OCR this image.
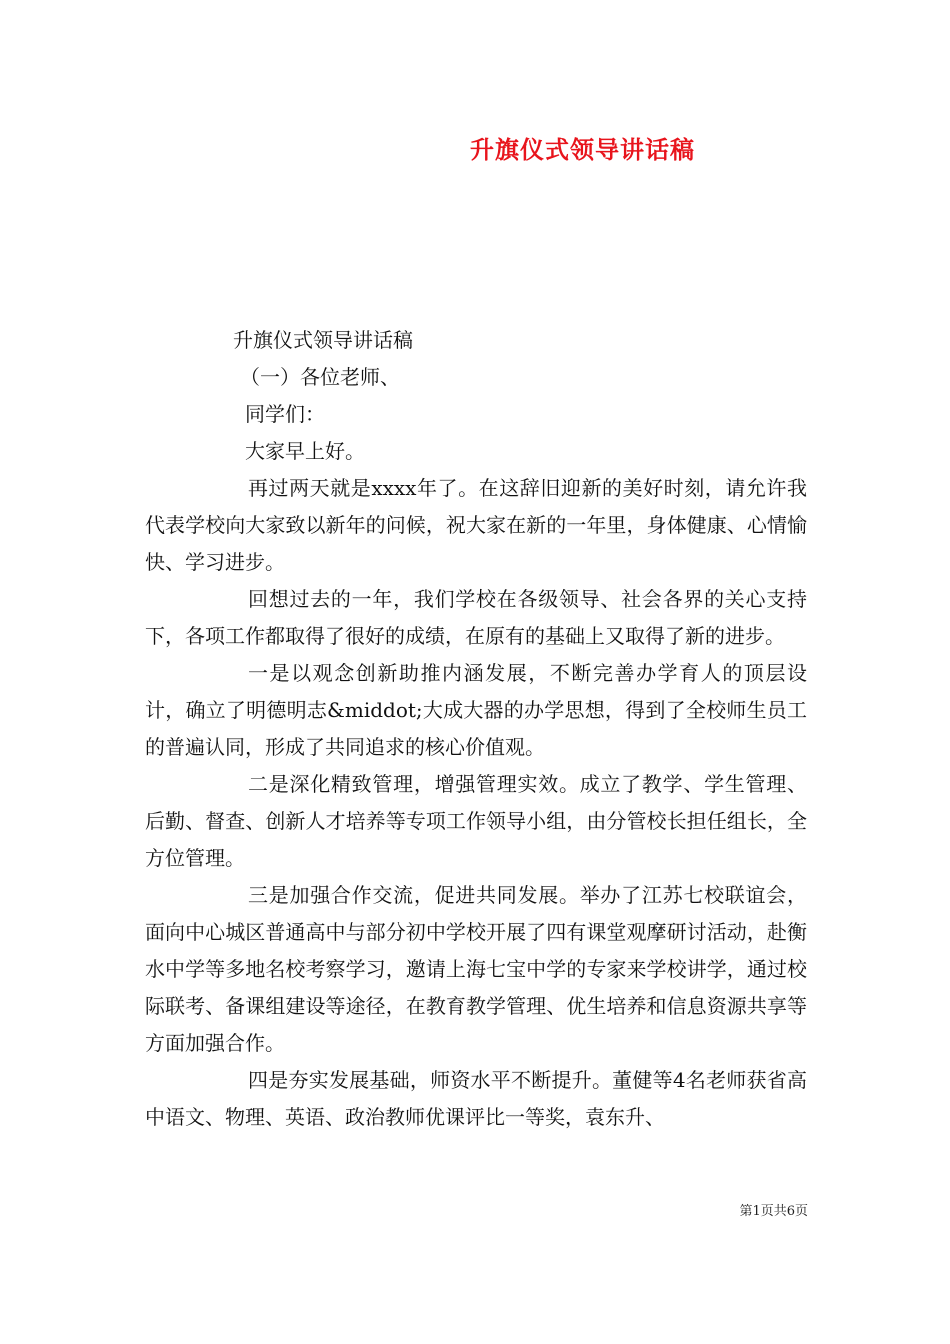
升旗仪式领导讲话稿

升旗仪式领导讲话稿

（一）各位老师、

同学们：

大家早上好。

再过两天就是xxxx年了。在这辞旧迎新的美好时刻，请允许我代表学校向大家致以新年的问候，祝大家在新的一年里，身体健康、心情愉快、学习进步。

回想过去的一年，我们学校在各级领导、社会各界的关心支持下，各项工作都取得了很好的成绩，在原有的基础上又取得了新的进步。

一是以观念创新助推内涵发展，不断完善办学育人的顶层设计，确立了明德明志&middot;大成大器的办学思想，得到了全校师生员工的普遍认同，形成了共同追求的核心价值观。

二是深化精致管理，增强管理实效。成立了教学、学生管理、后勤、督查、创新人才培养等专项工作领导小组，由分管校长担任组长，全方位管理。

三是加强合作交流，促进共同发展。举办了江苏七校联谊会，面向中心城区普通高中与部分初中学校开展了四有课堂观摩研讨活动，赴衡水中学等多地名校考察学习，邀请上海七宝中学的专家来学校讲学，通过校际联考、备课组建设等途径，在教育教学管理、优生培养和信息资源共享等方面加强合作。

四是夯实发展基础，师资水平不断提升。董健等4名老师获省高中语文、物理、英语、政治教师优课评比一等奖，袁东升、

第1页共6页
